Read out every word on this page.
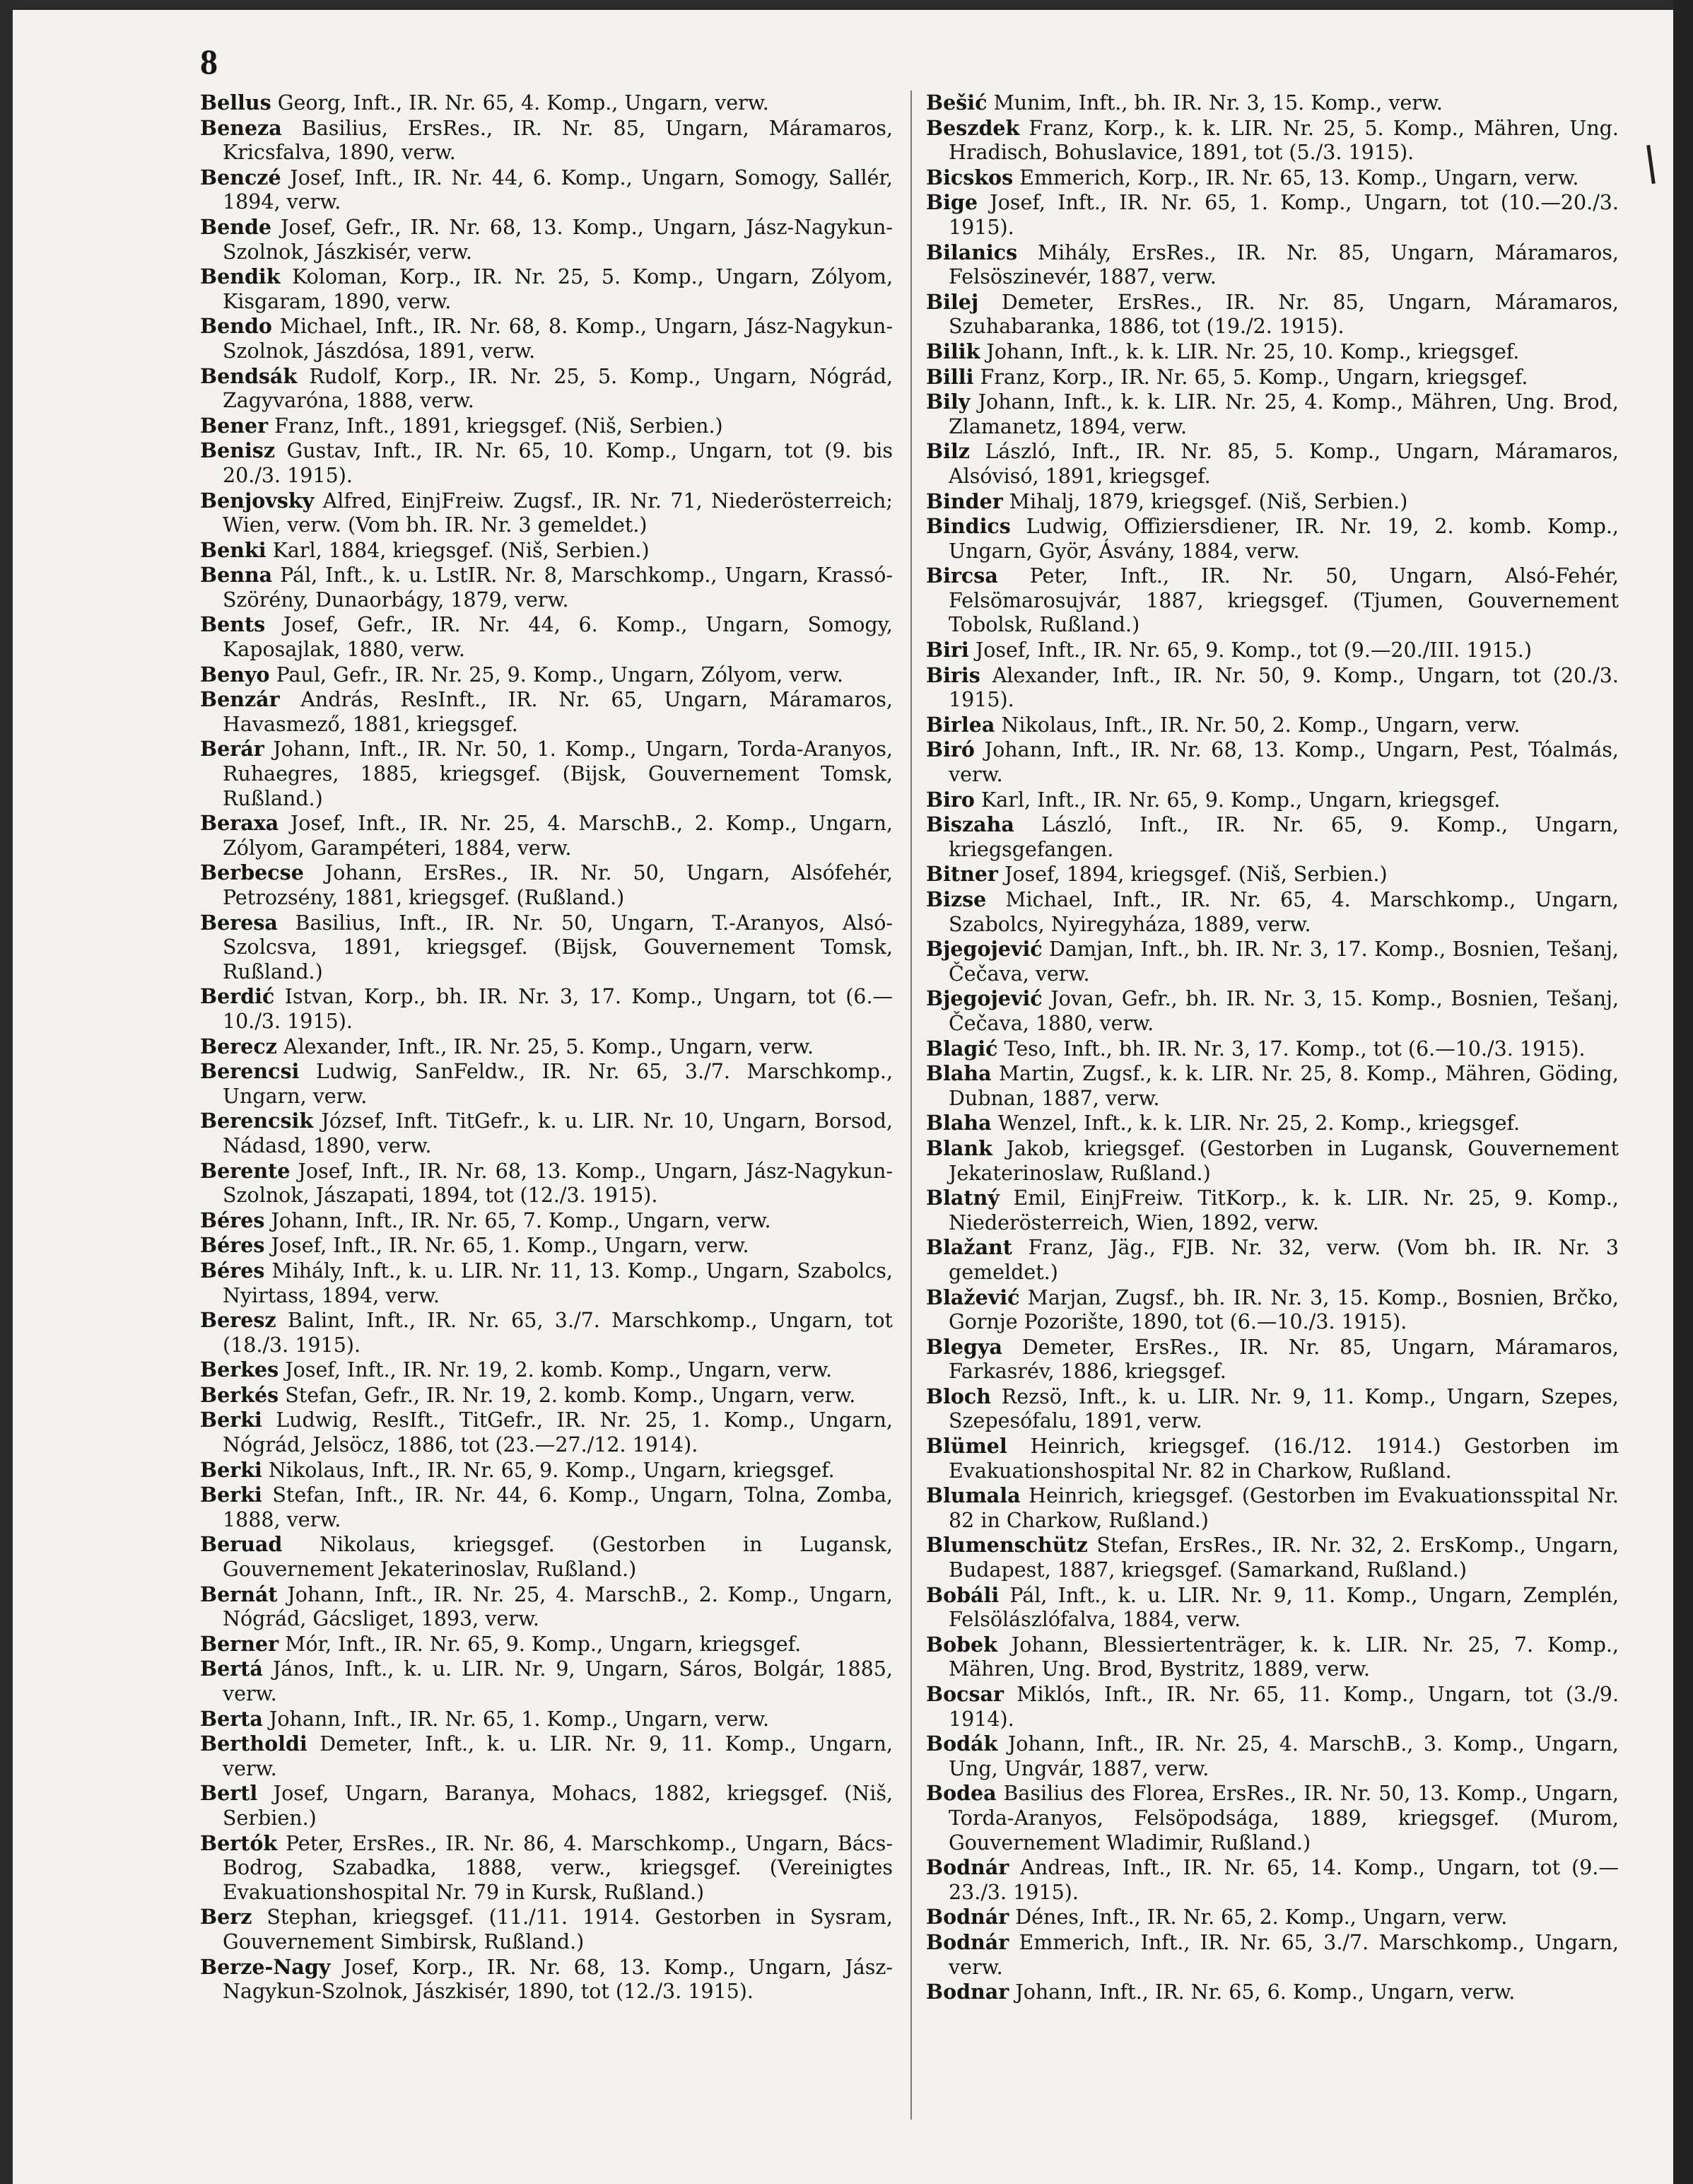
8

Bellus Georg, Inft., IR. Nr. 65, 4. Komp., Ungarn, verw.

Beneza Basilius, ErsRes., IR. Nr. 85, Ungarn, Máramaros, Kricsfalva, 1890, verw.

Benczé Josef, Inft., IR. Nr. 44, 6. Komp., Ungarn, Somogy, Sallér, 1894, verw.

Bende Josef, Gefr., IR. Nr. 68, 13. Komp., Ungarn, Jász-Nagykun-Szolnok, Jászkisér, verw.

Bendik Koloman, Korp., IR. Nr. 25, 5. Komp., Ungarn, Zólyom, Kisgaram, 1890, verw.

Bendo Michael, Inft., IR. Nr. 68, 8. Komp., Ungarn, Jász-Nagykun-Szolnok, Jászdósa, 1891, verw.

Bendsák Rudolf, Korp., IR. Nr. 25, 5. Komp., Ungarn, Nógrád, Zagyvaróna, 1888, verw.

Bener Franz, Inft., 1891, kriegsgef. (Niš, Serbien.)

Benisz Gustav, Inft., IR. Nr. 65, 10. Komp., Ungarn, tot (9. bis 20./3. 1915).

Benjovsky Alfred, EinjFreiw. Zugsf., IR. Nr. 71, Niederösterreich; Wien, verw. (Vom bh. IR. Nr. 3 gemeldet.)

Benki Karl, 1884, kriegsgef. (Niš, Serbien.)

Benna Pál, Inft., k. u. LstIR. Nr. 8, Marschkomp., Ungarn, Krassó-Szörény, Dunaorbágy, 1879, verw.

Bents Josef, Gefr., IR. Nr. 44, 6. Komp., Ungarn, Somogy, Kaposajlak, 1880, verw.

Benyo Paul, Gefr., IR. Nr. 25, 9. Komp., Ungarn, Zólyom, verw.

Benzár András, ResInft., IR. Nr. 65, Ungarn, Máramaros, Havasmező, 1881, kriegsgef.

Berár Johann, Inft., IR. Nr. 50, 1. Komp., Ungarn, Torda-Aranyos, Ruhaegres, 1885, kriegsgef. (Bijsk, Gouvernement Tomsk, Rußland.)

Beraxa Josef, Inft., IR. Nr. 25, 4. MarschB., 2. Komp., Ungarn, Zólyom, Garampéteri, 1884, verw.

Berbecse Johann, ErsRes., IR. Nr. 50, Ungarn, Alsófehér, Petrozsény, 1881, kriegsgef. (Rußland.)

Beresa Basilius, Inft., IR. Nr. 50, Ungarn, T.-Aranyos, Alsó-Szolcsva, 1891, kriegsgef. (Bijsk, Gouvernement Tomsk, Rußland.)

Berdić Istvan, Korp., bh. IR. Nr. 3, 17. Komp., Ungarn, tot (6.—10./3. 1915).

Berecz Alexander, Inft., IR. Nr. 25, 5. Komp., Ungarn, verw.

Berencsi Ludwig, SanFeldw., IR. Nr. 65, 3./7. Marschkomp., Ungarn, verw.

Berencsik József, Inft. TitGefr., k. u. LIR. Nr. 10, Ungarn, Borsod, Nádasd, 1890, verw.

Berente Josef, Inft., IR. Nr. 68, 13. Komp., Ungarn, Jász-Nagykun-Szolnok, Jászapati, 1894, tot (12./3. 1915).

Béres Johann, Inft., IR. Nr. 65, 7. Komp., Ungarn, verw.

Béres Josef, Inft., IR. Nr. 65, 1. Komp., Ungarn, verw.

Béres Mihály, Inft., k. u. LIR. Nr. 11, 13. Komp., Ungarn, Szabolcs, Nyirtass, 1894, verw.

Beresz Balint, Inft., IR. Nr. 65, 3./7. Marschkomp., Ungarn, tot (18./3. 1915).

Berkes Josef, Inft., IR. Nr. 19, 2. komb. Komp., Ungarn, verw.

Berkés Stefan, Gefr., IR. Nr. 19, 2. komb. Komp., Ungarn, verw.

Berki Ludwig, ResIft., TitGefr., IR. Nr. 25, 1. Komp., Ungarn, Nógrád, Jelsöcz, 1886, tot (23.—27./12. 1914).

Berki Nikolaus, Inft., IR. Nr. 65, 9. Komp., Ungarn, kriegsgef.

Berki Stefan, Inft., IR. Nr. 44, 6. Komp., Ungarn, Tolna, Zomba, 1888, verw.

Beruad Nikolaus, kriegsgef. (Gestorben in Lugansk, Gouvernement Jekaterinoslav, Rußland.)

Bernát Johann, Inft., IR. Nr. 25, 4. MarschB., 2. Komp., Ungarn, Nógrád, Gácsliget, 1893, verw.

Berner Mór, Inft., IR. Nr. 65, 9. Komp., Ungarn, kriegsgef.

Bertá János, Inft., k. u. LIR. Nr. 9, Ungarn, Sáros, Bolgár, 1885, verw.

Berta Johann, Inft., IR. Nr. 65, 1. Komp., Ungarn, verw.

Bertholdi Demeter, Inft., k. u. LIR. Nr. 9, 11. Komp., Ungarn, verw.

Bertl Josef, Ungarn, Baranya, Mohacs, 1882, kriegsgef. (Niš, Serbien.)

Bertók Peter, ErsRes., IR. Nr. 86, 4. Marschkomp., Ungarn, Bács-Bodrog, Szabadka, 1888, verw., kriegsgef. (Vereinigtes Evakuationshospital Nr. 79 in Kursk, Rußland.)

Berz Stephan, kriegsgef. (11./11. 1914. Gestorben in Sysram, Gouvernement Simbirsk, Rußland.)

Berze-Nagy Josef, Korp., IR. Nr. 68, 13. Komp., Ungarn, Jász-Nagykun-Szolnok, Jászkisér, 1890, tot (12./3. 1915).

Bešić Munim, Inft., bh. IR. Nr. 3, 15. Komp., verw.

Beszdek Franz, Korp., k. k. LIR. Nr. 25, 5. Komp., Mähren, Ung. Hradisch, Bohuslavice, 1891, tot (5./3. 1915).

Bicskos Emmerich, Korp., IR. Nr. 65, 13. Komp., Ungarn, verw.

Bige Josef, Inft., IR. Nr. 65, 1. Komp., Ungarn, tot (10.—20./3. 1915).

Bilanics Mihály, ErsRes., IR. Nr. 85, Ungarn, Máramaros, Felsöszinevér, 1887, verw.

Bilej Demeter, ErsRes., IR. Nr. 85, Ungarn, Máramaros, Szuhabaranka, 1886, tot (19./2. 1915).

Bilik Johann, Inft., k. k. LIR. Nr. 25, 10. Komp., kriegsgef.

Billi Franz, Korp., IR. Nr. 65, 5. Komp., Ungarn, kriegsgef.

Bily Johann, Inft., k. k. LIR. Nr. 25, 4. Komp., Mähren, Ung. Brod, Zlamanetz, 1894, verw.

Bilz László, Inft., IR. Nr. 85, 5. Komp., Ungarn, Máramaros, Alsóvisó, 1891, kriegsgef.

Binder Mihalj, 1879, kriegsgef. (Niš, Serbien.)

Bindics Ludwig, Offiziersdiener, IR. Nr. 19, 2. komb. Komp., Ungarn, Györ, Ásvány, 1884, verw.

Bircsa Peter, Inft., IR. Nr. 50, Ungarn, Alsó-Fehér, Felsömarosujvár, 1887, kriegsgef. (Tjumen, Gouvernement Tobolsk, Rußland.)

Biri Josef, Inft., IR. Nr. 65, 9. Komp., tot (9.—20./III. 1915.)

Biris Alexander, Inft., IR. Nr. 50, 9. Komp., Ungarn, tot (20./3. 1915).

Birlea Nikolaus, Inft., IR. Nr. 50, 2. Komp., Ungarn, verw.

Biró Johann, Inft., IR. Nr. 68, 13. Komp., Ungarn, Pest, Tóalmás, verw.

Biro Karl, Inft., IR. Nr. 65, 9. Komp., Ungarn, kriegsgef.

Biszaha László, Inft., IR. Nr. 65, 9. Komp., Ungarn, kriegsgefangen.

Bitner Josef, 1894, kriegsgef. (Niš, Serbien.)

Bizse Michael, Inft., IR. Nr. 65, 4. Marschkomp., Ungarn, Szabolcs, Nyiregyháza, 1889, verw.

Bjegojević Damjan, Inft., bh. IR. Nr. 3, 17. Komp., Bosnien, Tešanj, Čečava, verw.

Bjegojević Jovan, Gefr., bh. IR. Nr. 3, 15. Komp., Bosnien, Tešanj, Čečava, 1880, verw.

Blagić Teso, Inft., bh. IR. Nr. 3, 17. Komp., tot (6.—10./3. 1915).

Blaha Martin, Zugsf., k. k. LIR. Nr. 25, 8. Komp., Mähren, Göding, Dubnan, 1887, verw.

Blaha Wenzel, Inft., k. k. LIR. Nr. 25, 2. Komp., kriegsgef.

Blank Jakob, kriegsgef. (Gestorben in Lugansk, Gouvernement Jekaterinoslaw, Rußland.)

Blatný Emil, EinjFreiw. TitKorp., k. k. LIR. Nr. 25, 9. Komp., Niederösterreich, Wien, 1892, verw.

Blažant Franz, Jäg., FJB. Nr. 32, verw. (Vom bh. IR. Nr. 3 gemeldet.)

Blažević Marjan, Zugsf., bh. IR. Nr. 3, 15. Komp., Bosnien, Brčko, Gornje Pozorište, 1890, tot (6.—10./3. 1915).

Blegya Demeter, ErsRes., IR. Nr. 85, Ungarn, Máramaros, Farkasrév, 1886, kriegsgef.

Bloch Rezsö, Inft., k. u. LIR. Nr. 9, 11. Komp., Ungarn, Szepes, Szepesófalu, 1891, verw.

Blümel Heinrich, kriegsgef. (16./12. 1914.) Gestorben im Evakuationshospital Nr. 82 in Charkow, Rußland.

Blumala Heinrich, kriegsgef. (Gestorben im Evakuationsspital Nr. 82 in Charkow, Rußland.)

Blumenschütz Stefan, ErsRes., IR. Nr. 32, 2. ErsKomp., Ungarn, Budapest, 1887, kriegsgef. (Samarkand, Rußland.)

Bobáli Pál, Inft., k. u. LIR. Nr. 9, 11. Komp., Ungarn, Zemplén, Felsölászlófalva, 1884, verw.

Bobek Johann, Blessiertenträger, k. k. LIR. Nr. 25, 7. Komp., Mähren, Ung. Brod, Bystritz, 1889, verw.

Bocsar Miklós, Inft., IR. Nr. 65, 11. Komp., Ungarn, tot (3./9. 1914).

Bodák Johann, Inft., IR. Nr. 25, 4. MarschB., 3. Komp., Ungarn, Ung, Ungvár, 1887, verw.

Bodea Basilius des Florea, ErsRes., IR. Nr. 50, 13. Komp., Ungarn, Torda-Aranyos, Felsöpodsága, 1889, kriegsgef. (Murom, Gouvernement Wladimir, Rußland.)

Bodnár Andreas, Inft., IR. Nr. 65, 14. Komp., Ungarn, tot (9.—23./3. 1915).

Bodnár Dénes, Inft., IR. Nr. 65, 2. Komp., Ungarn, verw.

Bodnár Emmerich, Inft., IR. Nr. 65, 3./7. Marschkomp., Ungarn, verw.

Bodnar Johann, Inft., IR. Nr. 65, 6. Komp., Ungarn, verw.
